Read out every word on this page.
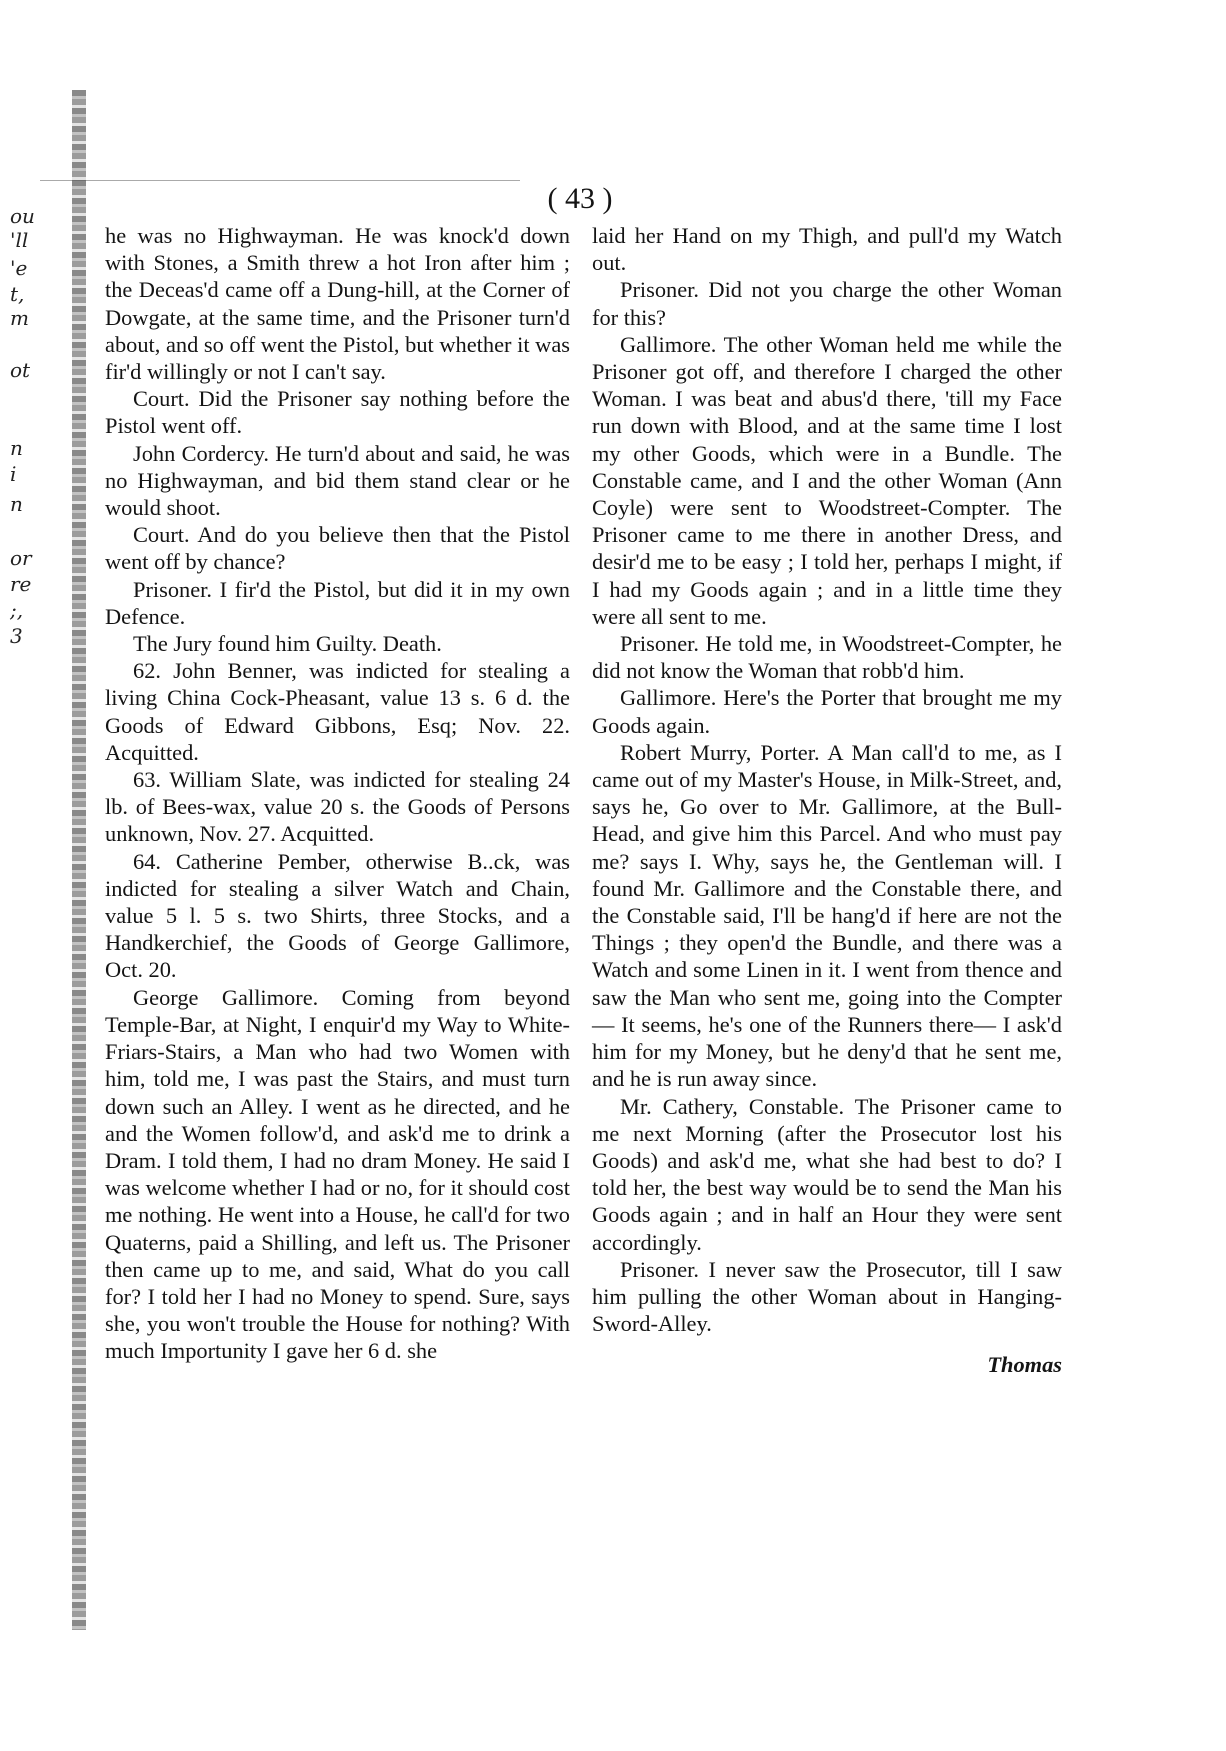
ou
'll
'e
t,
m
ot
n
i
n
or
re
;,
3
( 43 )

he was no Highwayman. He was knock'd down with Stones, a Smith threw a hot Iron after him ; the Deceas'd came off a Dung-hill, at the Corner of Dowgate, at the same time, and the Prisoner turn'd about, and so off went the Pistol, but whether it was fir'd willingly or not I can't say.

Court. Did the Prisoner say nothing before the Pistol went off.

John Cordercy. He turn'd about and said, he was no Highwayman, and bid them stand clear or he would shoot.

Court. And do you believe then that the Pistol went off by chance?

Prisoner. I fir'd the Pistol, but did it in my own Defence.

The Jury found him Guilty. Death.

62. John Benner, was indicted for stealing a living China Cock-Pheasant, value 13 s. 6 d. the Goods of Edward Gibbons, Esq; Nov. 22. Acquitted.

63. William Slate, was indicted for stealing 24 lb. of Bees-wax, value 20 s. the Goods of Persons unknown, Nov. 27. Acquitted.

64. Catherine Pember, otherwise B..ck, was indicted for stealing a silver Watch and Chain, value 5 l. 5 s. two Shirts, three Stocks, and a Handkerchief, the Goods of George Gallimore, Oct. 20.

George Gallimore. Coming from beyond Temple-Bar, at Night, I enquir'd my Way to White-Friars-Stairs, a Man who had two Women with him, told me, I was past the Stairs, and must turn down such an Alley. I went as he directed, and he and the Women follow'd, and ask'd me to drink a Dram. I told them, I had no dram Money. He said I was welcome whether I had or no, for it should cost me nothing. He went into a House, he call'd for two Quaterns, paid a Shilling, and left us. The Prisoner then came up to me, and said, What do you call for? I told her I had no Money to spend. Sure, says she, you won't trouble the House for nothing? With much Importunity I gave her 6 d. she

laid her Hand on my Thigh, and pull'd my Watch out.

Prisoner. Did not you charge the other Woman for this?

Gallimore. The other Woman held me while the Prisoner got off, and therefore I charged the other Woman. I was beat and abus'd there, 'till my Face run down with Blood, and at the same time I lost my other Goods, which were in a Bundle. The Constable came, and I and the other Woman (Ann Coyle) were sent to Woodstreet-Compter. The Prisoner came to me there in another Dress, and desir'd me to be easy ; I told her, perhaps I might, if I had my Goods again ; and in a little time they were all sent to me.

Prisoner. He told me, in Woodstreet-Compter, he did not know the Woman that robb'd him.

Gallimore. Here's the Porter that brought me my Goods again.

Robert Murry, Porter. A Man call'd to me, as I came out of my Master's House, in Milk-Street, and, says he, Go over to Mr. Gallimore, at the Bull-Head, and give him this Parcel. And who must pay me? says I. Why, says he, the Gentleman will. I found Mr. Gallimore and the Constable there, and the Constable said, I'll be hang'd if here are not the Things ; they open'd the Bundle, and there was a Watch and some Linen in it. I went from thence and saw the Man who sent me, going into the Compter— It seems, he's one of the Runners there— I ask'd him for my Money, but he deny'd that he sent me, and he is run away since.

Mr. Cathery, Constable. The Prisoner came to me next Morning (after the Prosecutor lost his Goods) and ask'd me, what she had best to do? I told her, the best way would be to send the Man his Goods again ; and in half an Hour they were sent accordingly.

Prisoner. I never saw the Prosecutor, till I saw him pulling the other Woman about in Hanging-Sword-Alley.

Thomas
